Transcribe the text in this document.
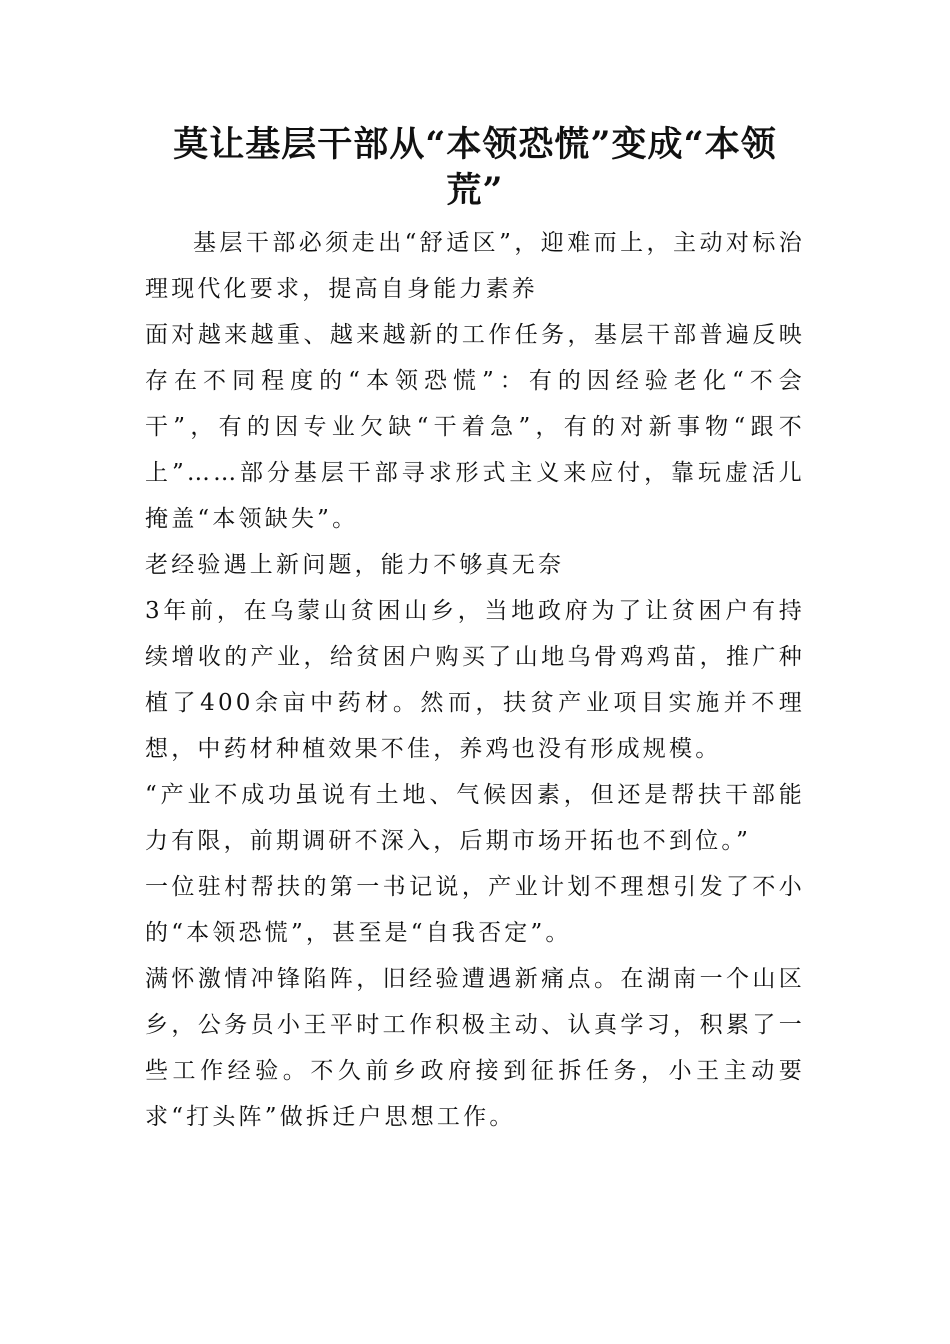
莫让基层干部从“本领恐慌”变成“本领荒”

基层干部必须走出“舒适区”，迎难而上，主动对标治理现代化要求，提高自身能力素养

面对越来越重、越来越新的工作任务，基层干部普遍反映存在不同程度的“本领恐慌”：有的因经验老化“不会干”，有的因专业欠缺“干着急”，有的对新事物“跟不上”……部分基层干部寻求形式主义来应付，靠玩虚活儿掩盖“本领缺失”。

老经验遇上新问题，能力不够真无奈

3年前，在乌蒙山贫困山乡，当地政府为了让贫困户有持续增收的产业，给贫困户购买了山地乌骨鸡鸡苗，推广种植了400余亩中药材。然而，扶贫产业项目实施并不理想，中药材种植效果不佳，养鸡也没有形成规模。

“产业不成功虽说有土地、气候因素，但还是帮扶干部能力有限，前期调研不深入，后期市场开拓也不到位。”

一位驻村帮扶的第一书记说，产业计划不理想引发了不小的“本领恐慌”，甚至是“自我否定”。

满怀激情冲锋陷阵，旧经验遭遇新痛点。在湖南一个山区乡，公务员小王平时工作积极主动、认真学习，积累了一些工作经验。不久前乡政府接到征拆任务，小王主动要求“打头阵”做拆迁户思想工作。
